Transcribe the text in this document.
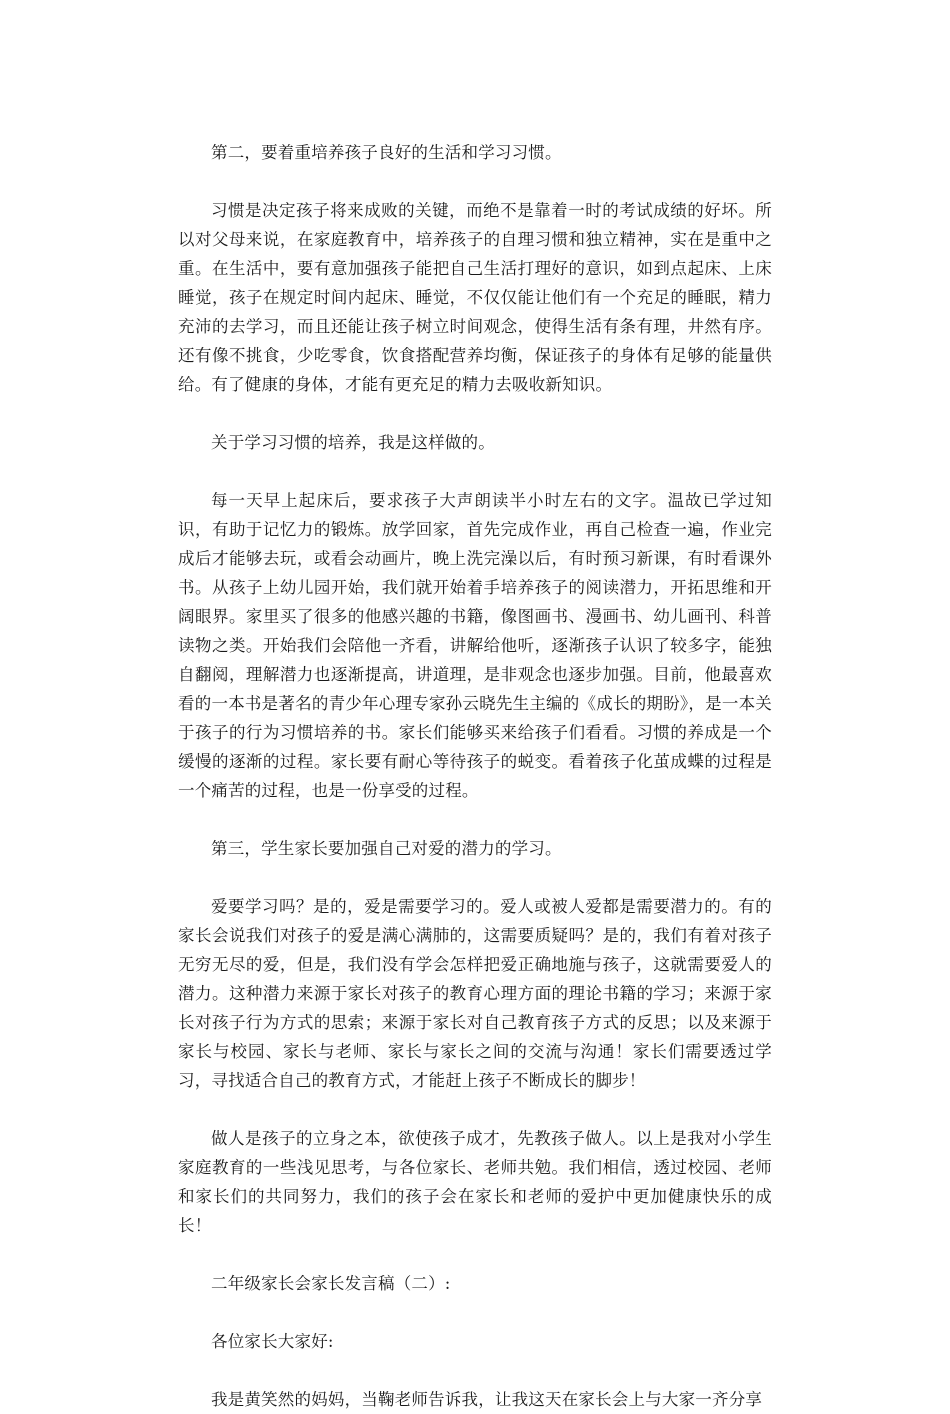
第二，要着重培养孩子良好的生活和学习习惯。

习惯是决定孩子将来成败的关键，而绝不是靠着一时的考试成绩的好坏。所以对父母来说，在家庭教育中，培养孩子的自理习惯和独立精神，实在是重中之重。在生活中，要有意加强孩子能把自己生活打理好的意识，如到点起床、上床睡觉，孩子在规定时间内起床、睡觉，不仅仅能让他们有一个充足的睡眠，精力充沛的去学习，而且还能让孩子树立时间观念，使得生活有条有理，井然有序。还有像不挑食，少吃零食，饮食搭配营养均衡，保证孩子的身体有足够的能量供给。有了健康的身体，才能有更充足的精力去吸收新知识。

关于学习习惯的培养，我是这样做的。

每一天早上起床后，要求孩子大声朗读半小时左右的文字。温故已学过知识，有助于记忆力的锻炼。放学回家，首先完成作业，再自己检查一遍，作业完成后才能够去玩，或看会动画片，晚上洗完澡以后，有时预习新课，有时看课外书。从孩子上幼儿园开始，我们就开始着手培养孩子的阅读潜力，开拓思维和开阔眼界。家里买了很多的他感兴趣的书籍，像图画书、漫画书、幼儿画刊、科普读物之类。开始我们会陪他一齐看，讲解给他听，逐渐孩子认识了较多字，能独自翻阅，理解潜力也逐渐提高，讲道理，是非观念也逐步加强。目前，他最喜欢看的一本书是著名的青少年心理专家孙云晓先生主编的《成长的期盼》，是一本关于孩子的行为习惯培养的书。家长们能够买来给孩子们看看。习惯的养成是一个缓慢的逐渐的过程。家长要有耐心等待孩子的蜕变。看着孩子化茧成蝶的过程是一个痛苦的过程，也是一份享受的过程。

第三，学生家长要加强自己对爱的潜力的学习。

爱要学习吗？是的，爱是需要学习的。爱人或被人爱都是需要潜力的。有的家长会说我们对孩子的爱是满心满肺的，这需要质疑吗？是的，我们有着对孩子无穷无尽的爱，但是，我们没有学会怎样把爱正确地施与孩子，这就需要爱人的潜力。这种潜力来源于家长对孩子的教育心理方面的理论书籍的学习；来源于家长对孩子行为方式的思索；来源于家长对自己教育孩子方式的反思；以及来源于家长与校园、家长与老师、家长与家长之间的交流与沟通！家长们需要透过学习，寻找适合自己的教育方式，才能赶上孩子不断成长的脚步！

做人是孩子的立身之本，欲使孩子成才，先教孩子做人。以上是我对小学生家庭教育的一些浅见思考，与各位家长、老师共勉。我们相信，透过校园、老师和家长们的共同努力，我们的孩子会在家长和老师的爱护中更加健康快乐的成长！

二年级家长会家长发言稿（二）:

各位家长大家好:

我是黄笑然的妈妈，当鞠老师告诉我，让我这天在家长会上与大家一齐分享
